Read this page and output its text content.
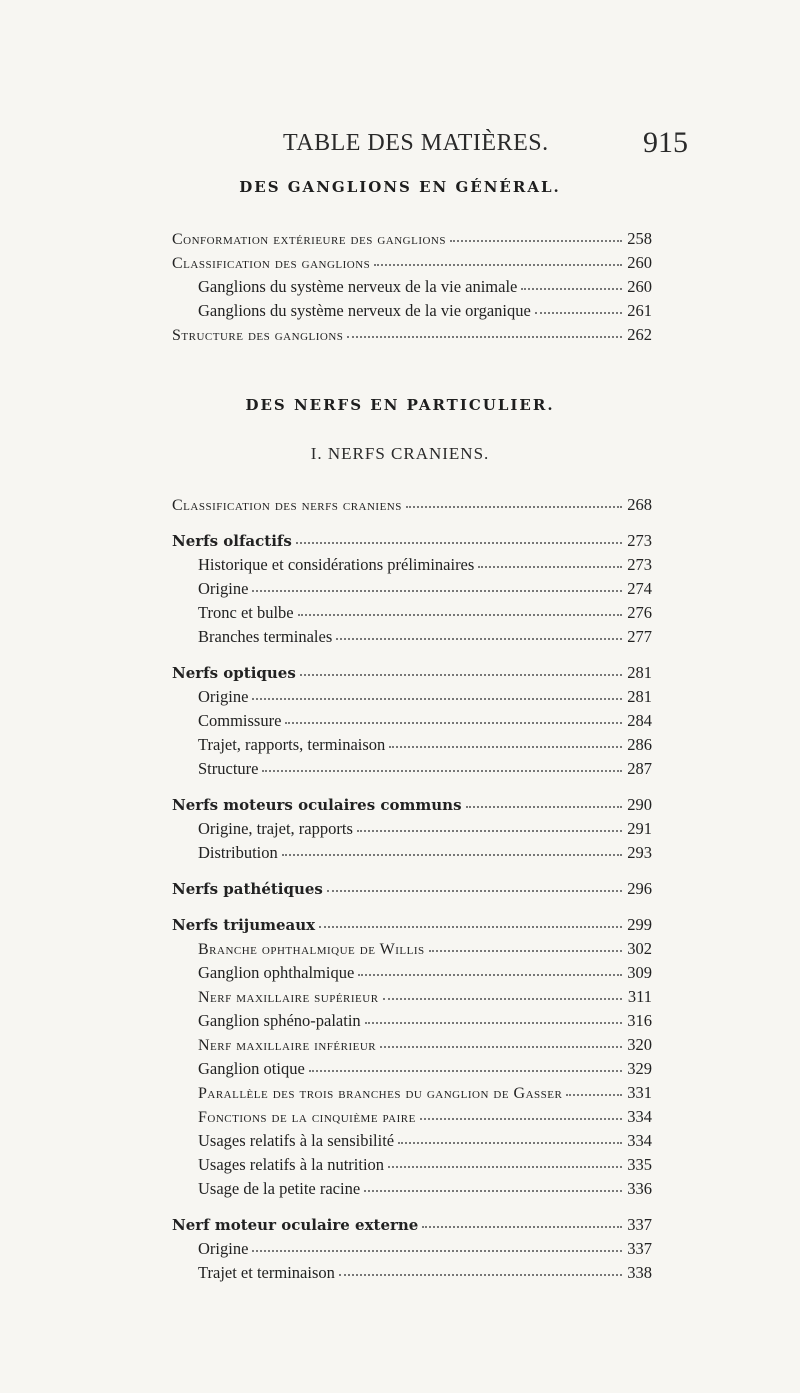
TABLE DES MATIÈRES.	915
DES GANGLIONS EN GÉNÉRAL.
Conformation extérieure des ganglions	258
Classification des ganglions	260
Ganglions du système nerveux de la vie animale	260
Ganglions du système nerveux de la vie organique	261
Structure des ganglions	262
DES NERFS EN PARTICULIER.
I. NERFS CRANIENS.
Classification des nerfs craniens	268
Nerfs olfactifs	273
Historique et considérations préliminaires	273
Origine	274
Tronc et bulbe	276
Branches terminales	277
Nerfs optiques	281
Origine	281
Commissure	284
Trajet, rapports, terminaison	286
Structure	287
Nerfs moteurs oculaires communs	290
Origine, trajet, rapports	291
Distribution	293
Nerfs pathétiques	296
Nerfs trijumeaux	299
Branche ophthalmique de Willis	302
Ganglion ophthalmique	309
Nerf maxillaire supérieur	311
Ganglion sphéno-palatin	316
Nerf maxillaire inférieur	320
Ganglion otique	329
Parallèle des trois branches du ganglion de Gasser	331
Fonctions de la cinquième paire	334
Usages relatifs à la sensibilité	334
Usages relatifs à la nutrition	335
Usage de la petite racine	336
Nerf moteur oculaire externe	337
Origine	337
Trajet et terminaison	338
